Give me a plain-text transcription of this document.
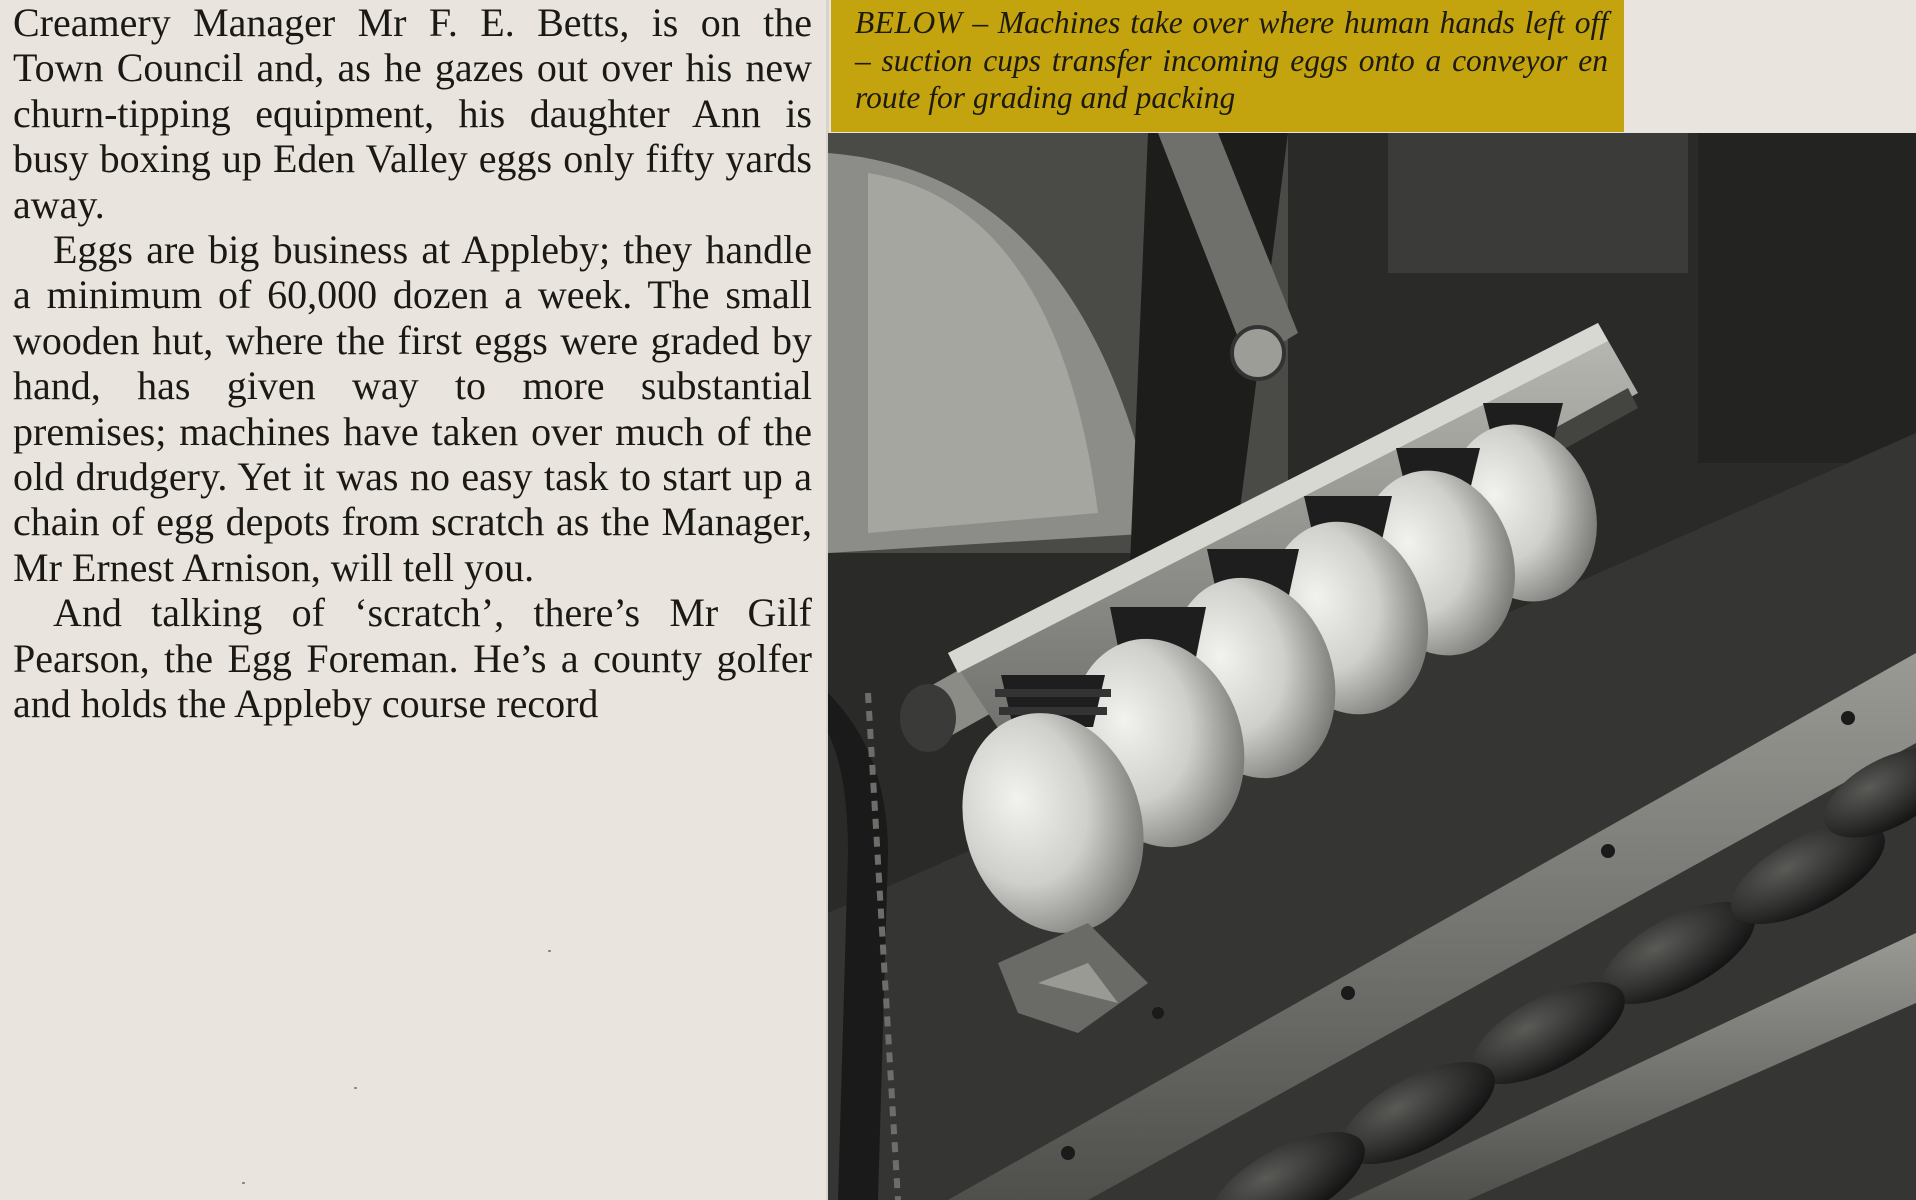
Creamery Manager Mr F. E. Betts, is on the Town Council and, as he gazes out over his new churn-tipping equipment, his daughter Ann is busy boxing up Eden Valley eggs only fifty yards away.

Eggs are big business at Appleby; they handle a minimum of 60,000 dozen a week. The small wooden hut, where the first eggs were graded by hand, has given way to more substantial premises; machines have taken over much of the old drudgery. Yet it was no easy task to start up a chain of egg depots from scratch as the Manager, Mr Ernest Arnison, will tell you.

And talking of ‘scratch’, there’s Mr Gilf Pearson, the Egg Foreman. He’s a county golfer and holds the Appleby course record

BELOW – Machines take over where human hands left off – suction cups transfer incoming eggs onto a conveyor en route for grading and packing
